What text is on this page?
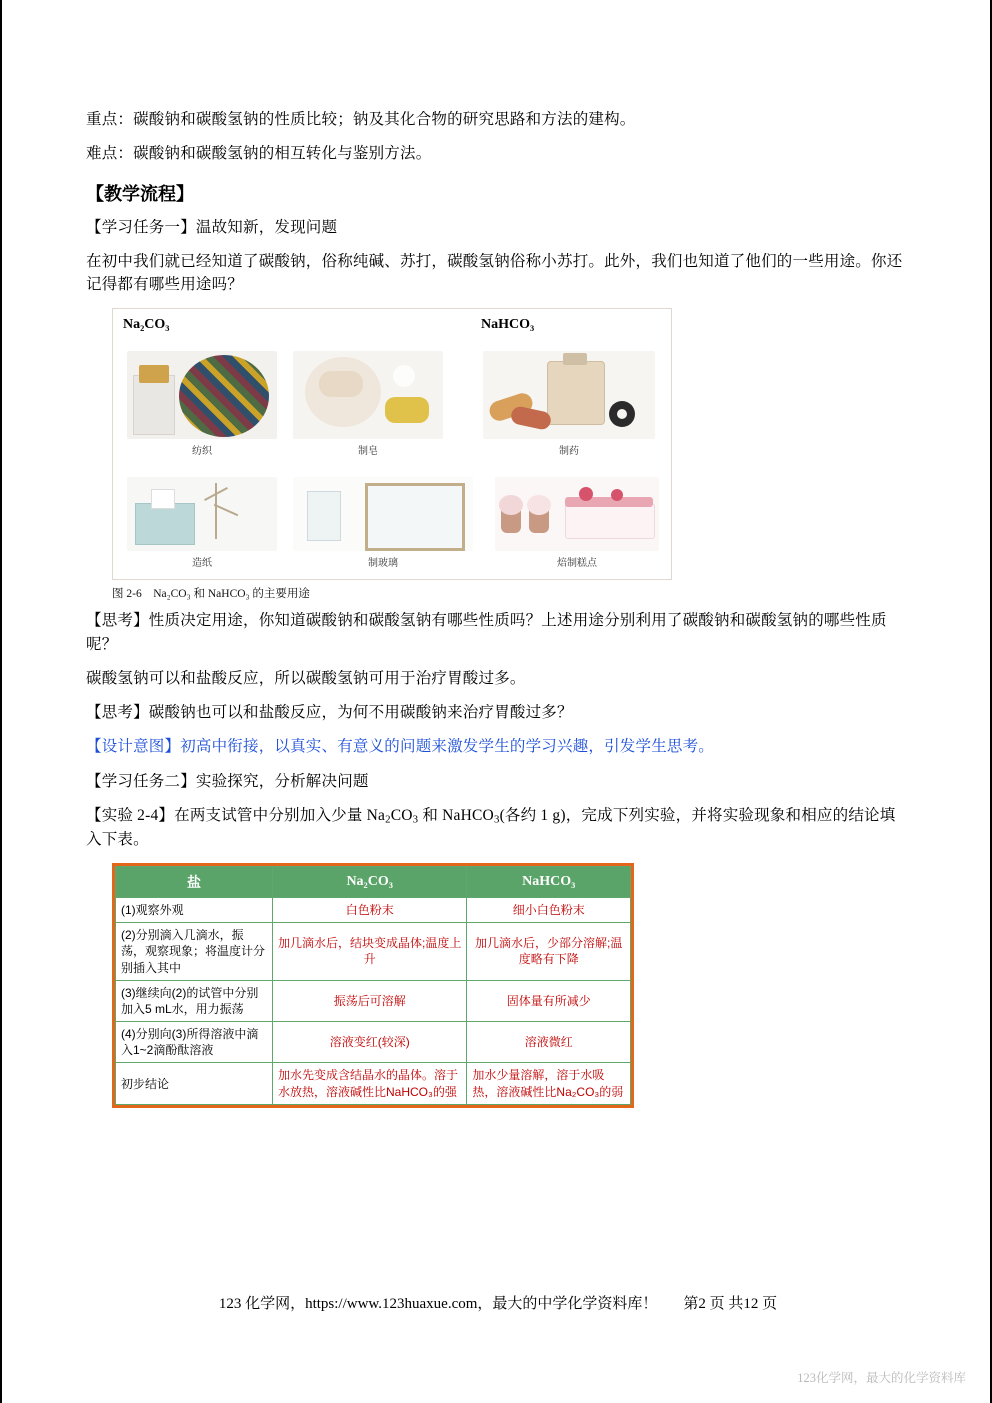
重点：碳酸钠和碳酸氢钠的性质比较；钠及其化合物的研究思路和方法的建构。

难点：碳酸钠和碳酸氢钠的相互转化与鉴别方法。

【教学流程】

【学习任务一】温故知新，发现问题

在初中我们就已经知道了碳酸钠，俗称纯碱、苏打，碳酸氢钠俗称小苏打。此外，我们也知道了他们的一些用途。你还记得都有哪些用途吗？

Na₂CO₃	NaHCO₃
纺织	制皂	制药
造纸	制玻璃	焙制糕点
图 2-6　Na₂CO₃ 和 NaHCO₃ 的主要用途

【思考】性质决定用途，你知道碳酸钠和碳酸氢钠有哪些性质吗？上述用途分别利用了碳酸钠和碳酸氢钠的哪些性质呢？

碳酸氢钠可以和盐酸反应，所以碳酸氢钠可用于治疗胃酸过多。

【思考】碳酸钠也可以和盐酸反应，为何不用碳酸钠来治疗胃酸过多？

【设计意图】初高中衔接，以真实、有意义的问题来激发学生的学习兴趣，引发学生思考。

【学习任务二】实验探究，分析解决问题

【实验 2-4】在两支试管中分别加入少量 $Na_2CO_3$ 和 NaHCO$_3$(各约 1 g)，完成下列实验，并将实验现象和相应的结论填入下表。

盐	Na₂CO₃	NaHCO₃
(1)观察外观	白色粉末	细小白色粉末
(2)分别滴入几滴水，振荡，观察现象；将温度计分别插入其中	加几滴水后，结块变成晶体;温度上升	加几滴水后，少部分溶解;温度略有下降
(3)继续向(2)的试管中分别加入5 mL水，用力振荡	振荡后可溶解	固体量有所减少
(4)分别向(3)所得溶液中滴入1~2滴酚酞溶液	溶液变红(较深)	溶液微红
初步结论	加水先变成含结晶水的晶体。溶于水放热，溶液碱性比NaHCO₃的强	加水少量溶解，溶于水吸热，溶液碱性比Na₂CO₃的弱
123 化学网，https://www.123huaxue.com，最大的中学化学资料库！ 第2 页 共12 页
123化学网，最大的化学资料库
